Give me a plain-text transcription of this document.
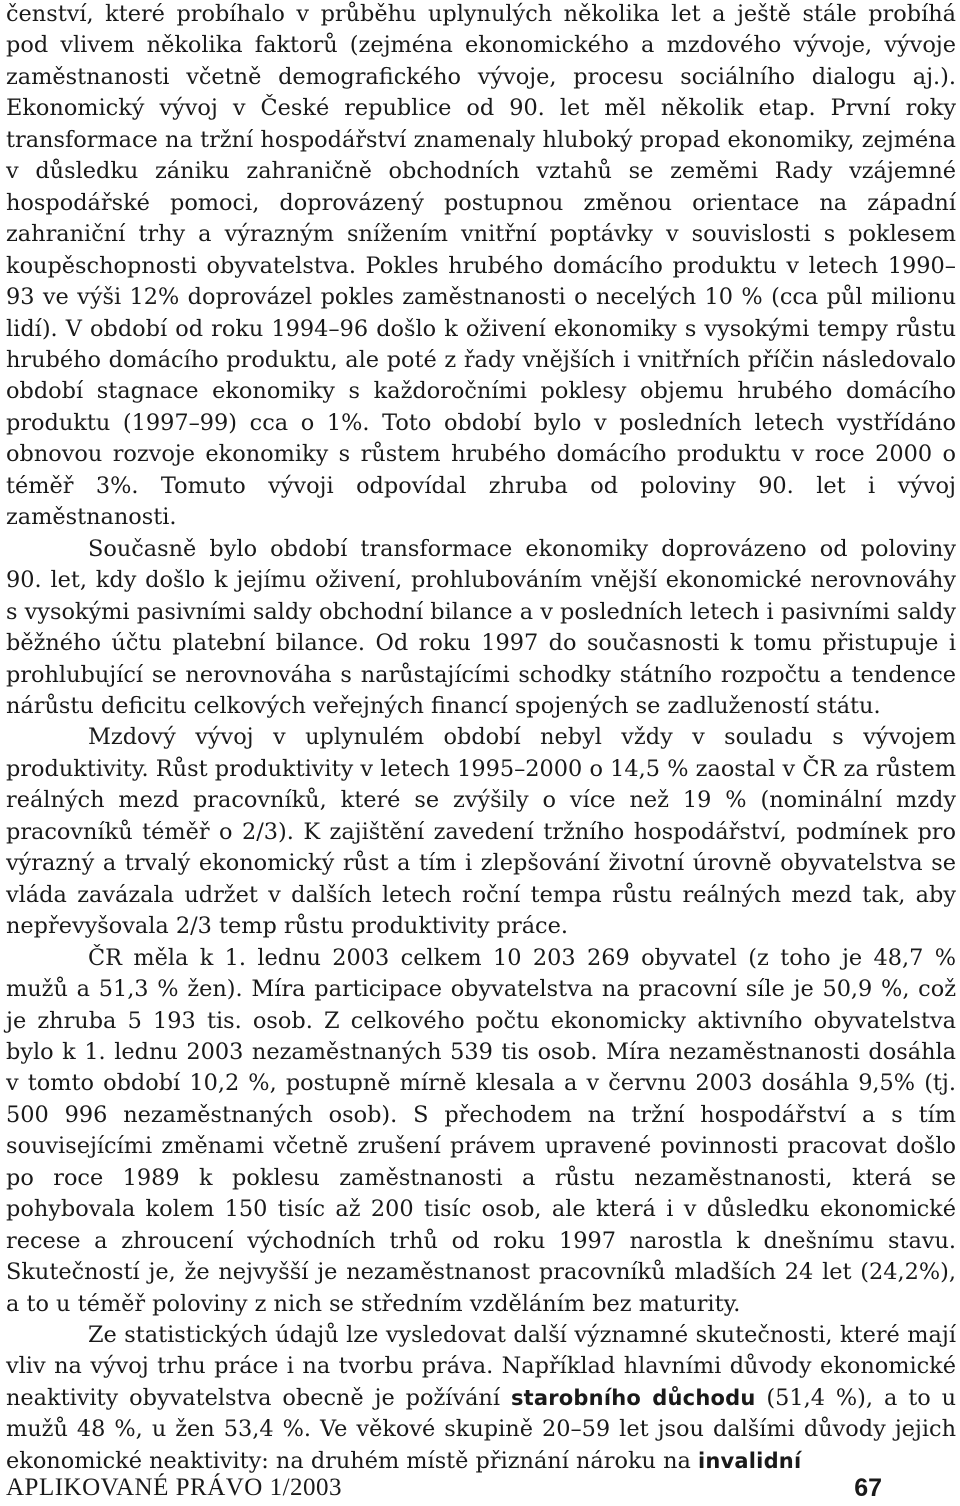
čenství, které probíhalo v průběhu uplynulých několika let a ještě stále probíhá pod vlivem několika faktorů (zejména ekonomického a mzdového vývoje, vývoje zaměstnanosti včetně demografického vývoje, procesu sociálního dialogu aj.). Ekonomický vývoj v České republice od 90. let měl několik etap. První roky transformace na tržní hospodářství znamenaly hluboký propad ekonomiky, zejména v důsledku zániku zahraničně obchodních vztahů se zeměmi Rady vzájemné hospodářské pomoci, doprovázený postupnou změnou orientace na západní zahraniční trhy a výrazným snížením vnitřní poptávky v souvislosti s poklesem koupěschopnosti obyvatelstva. Pokles hrubého domácího produktu v letech 1990–93 ve výši 12% doprovázel pokles zaměstnanosti o necelých 10 % (cca půl milionu lidí). V období od roku 1994–96 došlo k oživení ekonomiky s vysokými tempy růstu hrubého domácího produktu, ale poté z řady vnějších i vnitřních příčin následovalo období stagnace ekonomiky s každoročními poklesy objemu hrubého domácího produktu (1997–99) cca o 1%. Toto období bylo v posledních letech vystřídáno obnovou rozvoje ekonomiky s růstem hrubého domácího produktu v roce 2000 o téměř 3%. Tomuto vývoji odpovídal zhruba od poloviny 90. let i vývoj zaměstnanosti.

Současně bylo období transformace ekonomiky doprovázeno od poloviny 90. let, kdy došlo k jejímu oživení, prohlubováním vnější ekonomické nerovnováhy s vysokými pasivními saldy obchodní bilance a v posledních letech i pasivními saldy běžného účtu platební bilance. Od roku 1997 do současnosti k tomu přistupuje i prohlubující se nerovnováha s narůstajícími schodky státního rozpočtu a tendence nárůstu deficitu celkových veřejných financí spojených se zadlužeností státu.

Mzdový vývoj v uplynulém období nebyl vždy v souladu s vývojem produktivity. Růst produktivity v letech 1995–2000 o 14,5 % zaostal v ČR za růstem reálných mezd pracovníků, které se zvýšily o více než 19 % (nominální mzdy pracovníků téměř o 2/3). K zajištění zavedení tržního hospodářství, podmínek pro výrazný a trvalý ekonomický růst a tím i zlepšování životní úrovně obyvatelstva se vláda zavázala udržet v dalších letech roční tempa růstu reálných mezd tak, aby nepřevyšovala 2/3 temp růstu produktivity práce.

ČR měla k 1. lednu 2003 celkem 10 203 269 obyvatel (z toho je 48,7 % mužů a 51,3 % žen). Míra participace obyvatelstva na pracovní síle je 50,9 %, což je zhruba 5 193 tis. osob. Z celkového počtu ekonomicky aktivního obyvatelstva bylo k 1. lednu 2003 nezaměstnaných 539 tis osob. Míra nezaměstnanosti dosáhla v tomto období 10,2 %, postupně mírně klesala a v červnu 2003 dosáhla 9,5% (tj. 500 996 nezaměstnaných osob). S přechodem na tržní hospodářství a s tím souvisejícími změnami včetně zrušení právem upravené povinnosti pracovat došlo po roce 1989 k poklesu zaměstnanosti a růstu nezaměstnanosti, která se pohybovala kolem 150 tisíc až 200 tisíc osob, ale která i v důsledku ekonomické recese a zhroucení východních trhů od roku 1997 narostla k dnešnímu stavu. Skutečností je, že nejvyšší je nezaměstnanost pracovníků mladších 24 let (24,2%), a to u téměř poloviny z nich se středním vzděláním bez maturity.

Ze statistických údajů lze vysledovat další významné skutečnosti, které mají vliv na vývoj trhu práce i na tvorbu práva. Například hlavními důvody ekonomické neaktivity obyvatelstva obecně je požívání starobního důchodu (51,4 %), a to u mužů 48 %, u žen 53,4 %. Ve věkové skupině 20–59 let jsou dalšími důvody jejich ekonomické neaktivity: na druhém místě přiznání nároku na invalidní

APLIKOVANÉ PRÁVO 1/2003	67
